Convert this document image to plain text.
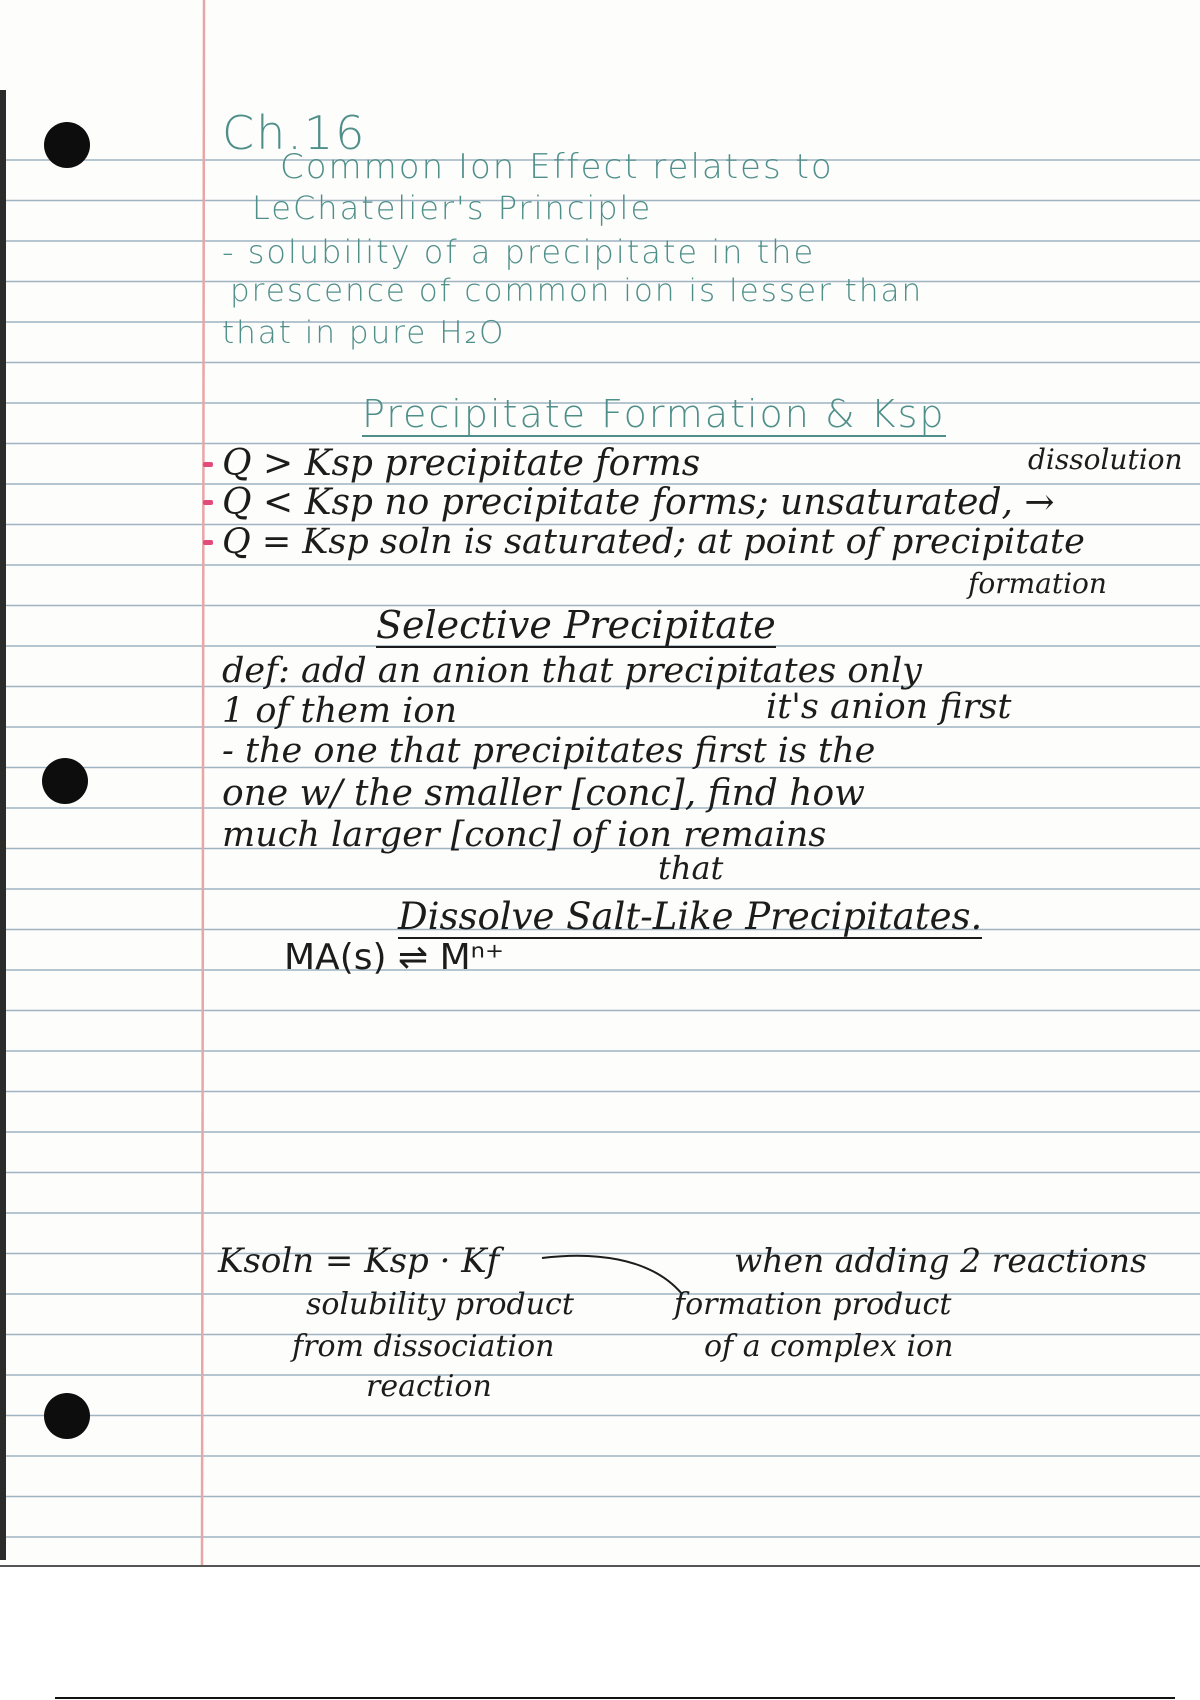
Ch.16
Common Ion Effect relates to
LeChatelier's Principle
- solubility of a precipitate in the
prescence of common ion is lesser than
that in pure H₂O
Precipitate Formation & Ksp
dissolution
Q > Ksp precipitate forms
Q < Ksp no precipitate forms; unsaturated, →
Q = Ksp soln is saturated; at point of precipitate
formation
Selective Precipitate
def: add an anion that precipitates only
1 of them ion	it's anion first
- the one that precipitates first is the
one w/ the smaller [conc], find how
much larger [conc] of ion remains
that
Dissolve Salt-Like Precipitates.
MA(s) ⇌ Mⁿ⁺
Ksoln = Ksp · Kf	when adding 2 reactions
solubility product
from dissociation
reaction
formation product
of a complex ion
